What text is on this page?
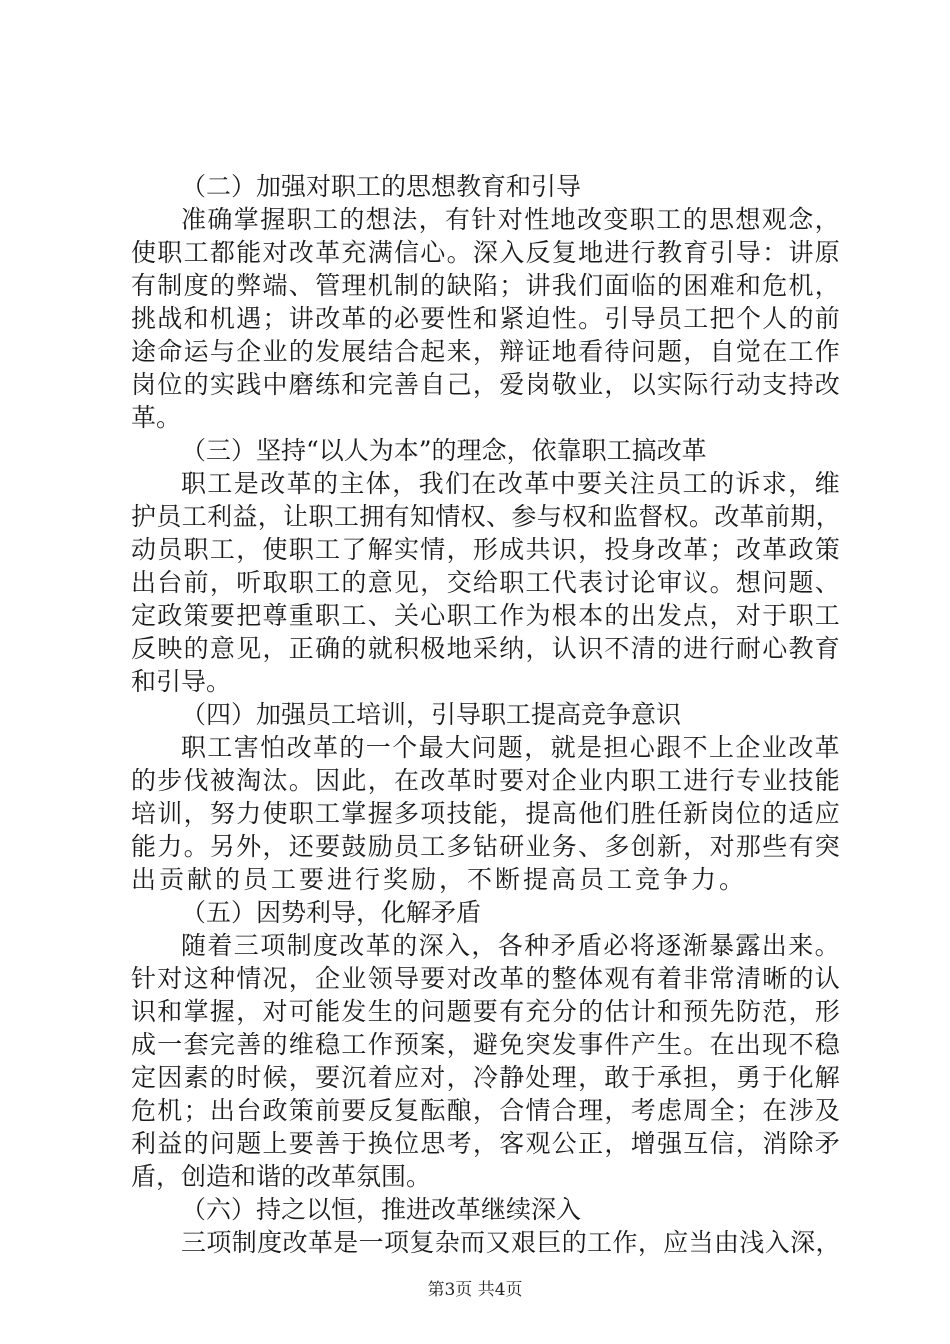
（二）加强对职工的思想教育和引导
准确掌握职工的想法，有针对性地改变职工的思想观念，
使职工都能对改革充满信心。深入反复地进行教育引导：讲原
有制度的弊端、管理机制的缺陷；讲我们面临的困难和危机，
挑战和机遇；讲改革的必要性和紧迫性。引导员工把个人的前
途命运与企业的发展结合起来，辩证地看待问题，自觉在工作
岗位的实践中磨练和完善自己，爱岗敬业，以实际行动支持改
革。
（三）坚持“以人为本”的理念，依靠职工搞改革
职工是改革的主体，我们在改革中要关注员工的诉求，维
护员工利益，让职工拥有知情权、参与权和监督权。改革前期，
动员职工，使职工了解实情，形成共识，投身改革；改革政策
出台前，听取职工的意见，交给职工代表讨论审议。想问题、
定政策要把尊重职工、关心职工作为根本的出发点，对于职工
反映的意见，正确的就积极地采纳，认识不清的进行耐心教育
和引导。
（四）加强员工培训，引导职工提高竞争意识
职工害怕改革的一个最大问题，就是担心跟不上企业改革
的步伐被淘汰。因此，在改革时要对企业内职工进行专业技能
培训，努力使职工掌握多项技能，提高他们胜任新岗位的适应
能力。另外，还要鼓励员工多钻研业务、多创新，对那些有突
出贡献的员工要进行奖励，不断提高员工竞争力。
（五）因势利导，化解矛盾
随着三项制度改革的深入，各种矛盾必将逐渐暴露出来。
针对这种情况，企业领导要对改革的整体观有着非常清晰的认
识和掌握，对可能发生的问题要有充分的估计和预先防范，形
成一套完善的维稳工作预案，避免突发事件产生。在出现不稳
定因素的时候，要沉着应对，冷静处理，敢于承担，勇于化解
危机；出台政策前要反复酝酿，合情合理，考虑周全；在涉及
利益的问题上要善于换位思考，客观公正，增强互信，消除矛
盾，创造和谐的改革氛围。
（六）持之以恒，推进改革继续深入
三项制度改革是一项复杂而又艰巨的工作，应当由浅入深，
第3页 共4页
